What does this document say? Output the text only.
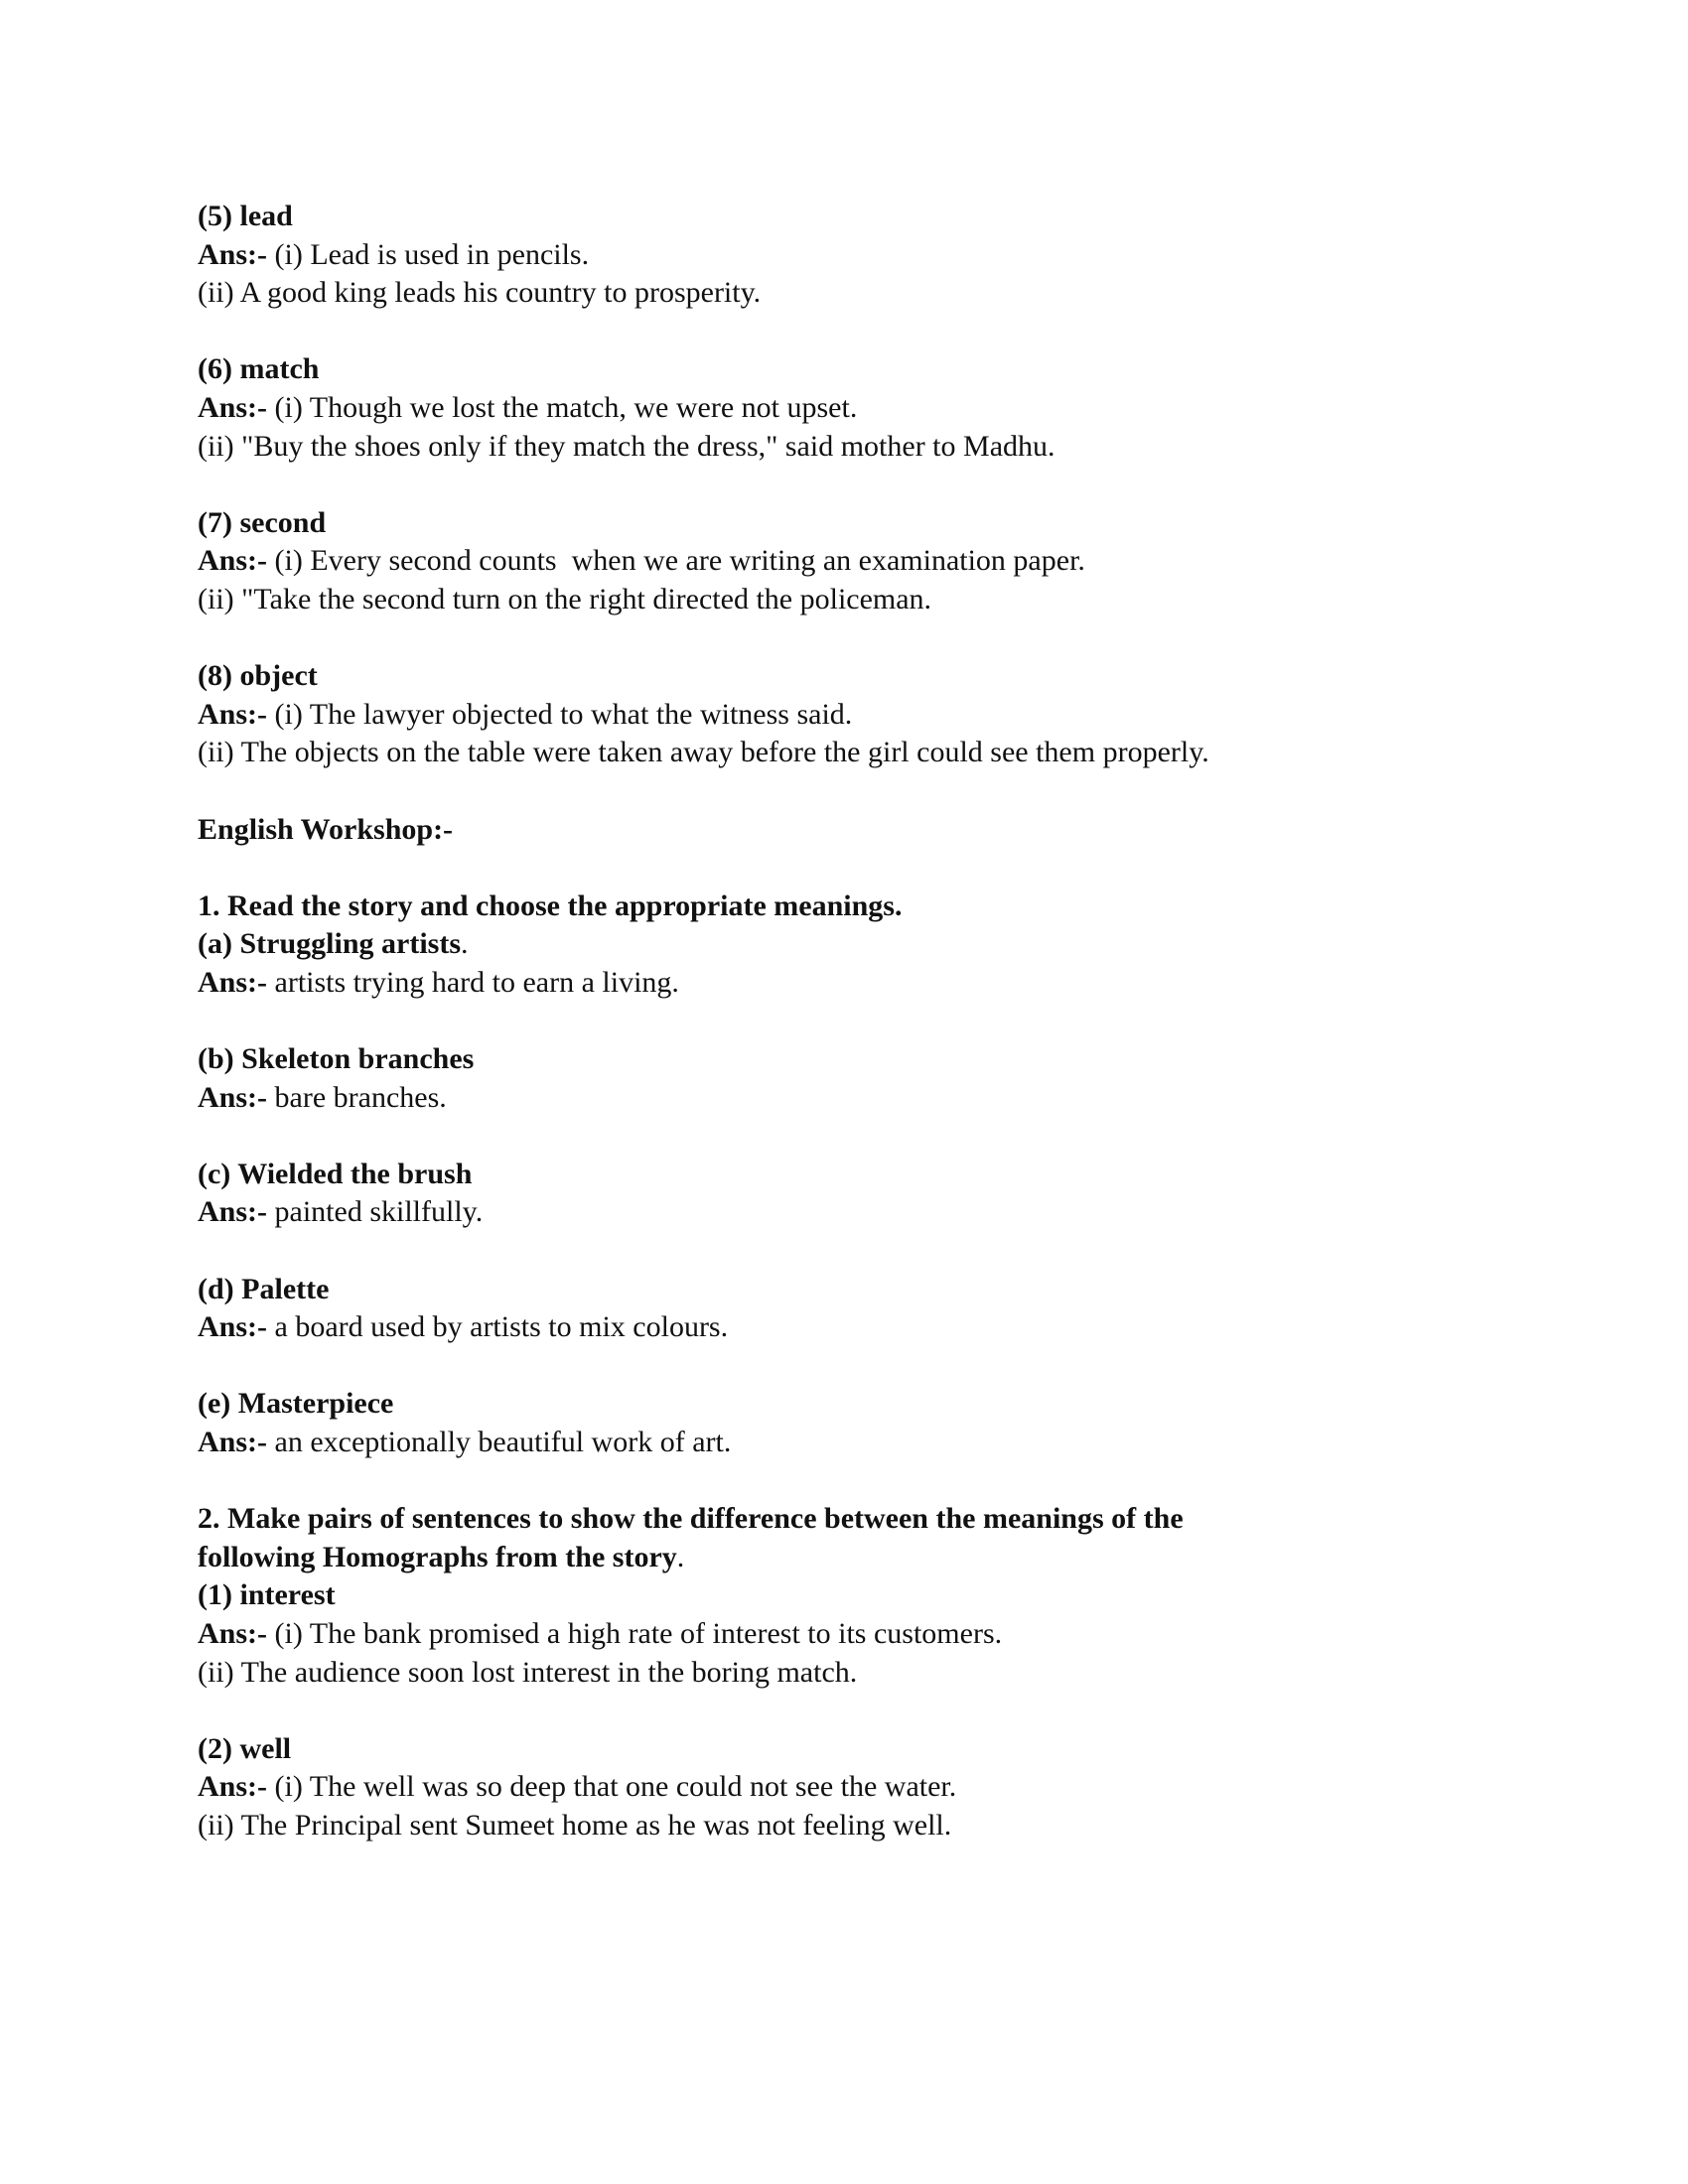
(5) lead
Ans:- (i) Lead is used in pencils.
(ii) A good king leads his country to prosperity.
(6) match
Ans:- (i) Though we lost the match, we were not upset.
(ii) "Buy the shoes only if they match the dress," said mother to Madhu.
(7) second
Ans:- (i) Every second counts  when we are writing an examination paper.
(ii) "Take the second turn on the right directed the policeman.
(8) object
Ans:- (i) The lawyer objected to what the witness said.
(ii) The objects on the table were taken away before the girl could see them properly.
English Workshop:-
1. Read the story and choose the appropriate meanings.
(a) Struggling artists.
Ans:- artists trying hard to earn a living.
(b) Skeleton branches
Ans:- bare branches.
(c) Wielded the brush
Ans:- painted skillfully.
(d) Palette
Ans:- a board used by artists to mix colours.
(e) Masterpiece
Ans:- an exceptionally beautiful work of art.
2. Make pairs of sentences to show the difference between the meanings of the
following Homographs from the story.
(1) interest
Ans:- (i) The bank promised a high rate of interest to its customers.
(ii) The audience soon lost interest in the boring match.
(2) well
Ans:- (i) The well was so deep that one could not see the water.
(ii) The Principal sent Sumeet home as he was not feeling well.
